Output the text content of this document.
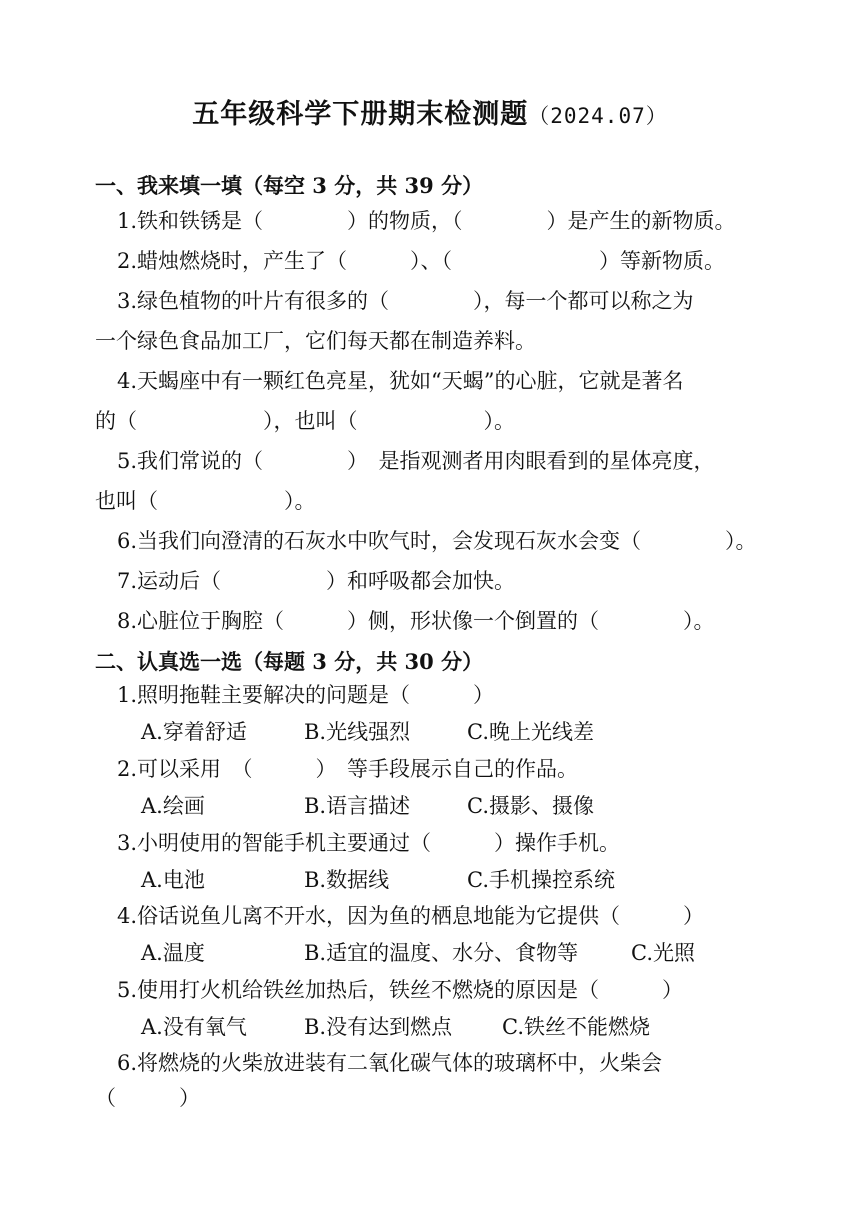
五年级科学下册期末检测题（2024.07）
一、我来填一填（每空 3 分，共 39 分）
1.铁和铁锈是（　　　　）的物质，（　　　　）是产生的新物质。
2.蜡烛燃烧时，产生了（　　　）、（　　　　　　　）等新物质。
3.绿色植物的叶片有很多的（　　　　），每一个都可以称之为
一个绿色食品加工厂，它们每天都在制造养料。
4.天蝎座中有一颗红色亮星，犹如“天蝎”的心脏，它就是著名
的（　　　　　　），也叫（　　　　　　）。
5.我们常说的（　　　　）　是指观测者用肉眼看到的星体亮度，
也叫（　　　　　　）。
6.当我们向澄清的石灰水中吹气时，会发现石灰水会变（　　　　）。
7.运动后（　　　　　）和呼吸都会加快。
8.心脏位于胸腔（　　　）侧，形状像一个倒置的（　　　　）。
二、认真选一选（每题 3 分，共 30 分）
1.照明拖鞋主要解决的问题是（　　　）
A.穿着舒适	B.光线强烈	C.晚上光线差
2.可以采用　（　　　）　等手段展示自己的作品。
A.绘画	B.语言描述	C.摄影、摄像
3.小明使用的智能手机主要通过（　　　）操作手机。
A.电池	B.数据线	C.手机操控系统
4.俗话说鱼儿离不开水，因为鱼的栖息地能为它提供（　　　）
A.温度	B.适宜的温度、水分、食物等	C.光照
5.使用打火机给铁丝加热后，铁丝不燃烧的原因是（　　　）
A.没有氧气	B.没有达到燃点 C.铁丝不能燃烧
6.将燃烧的火柴放进装有二氧化碳气体的玻璃杯中，火柴会
（　　　）
